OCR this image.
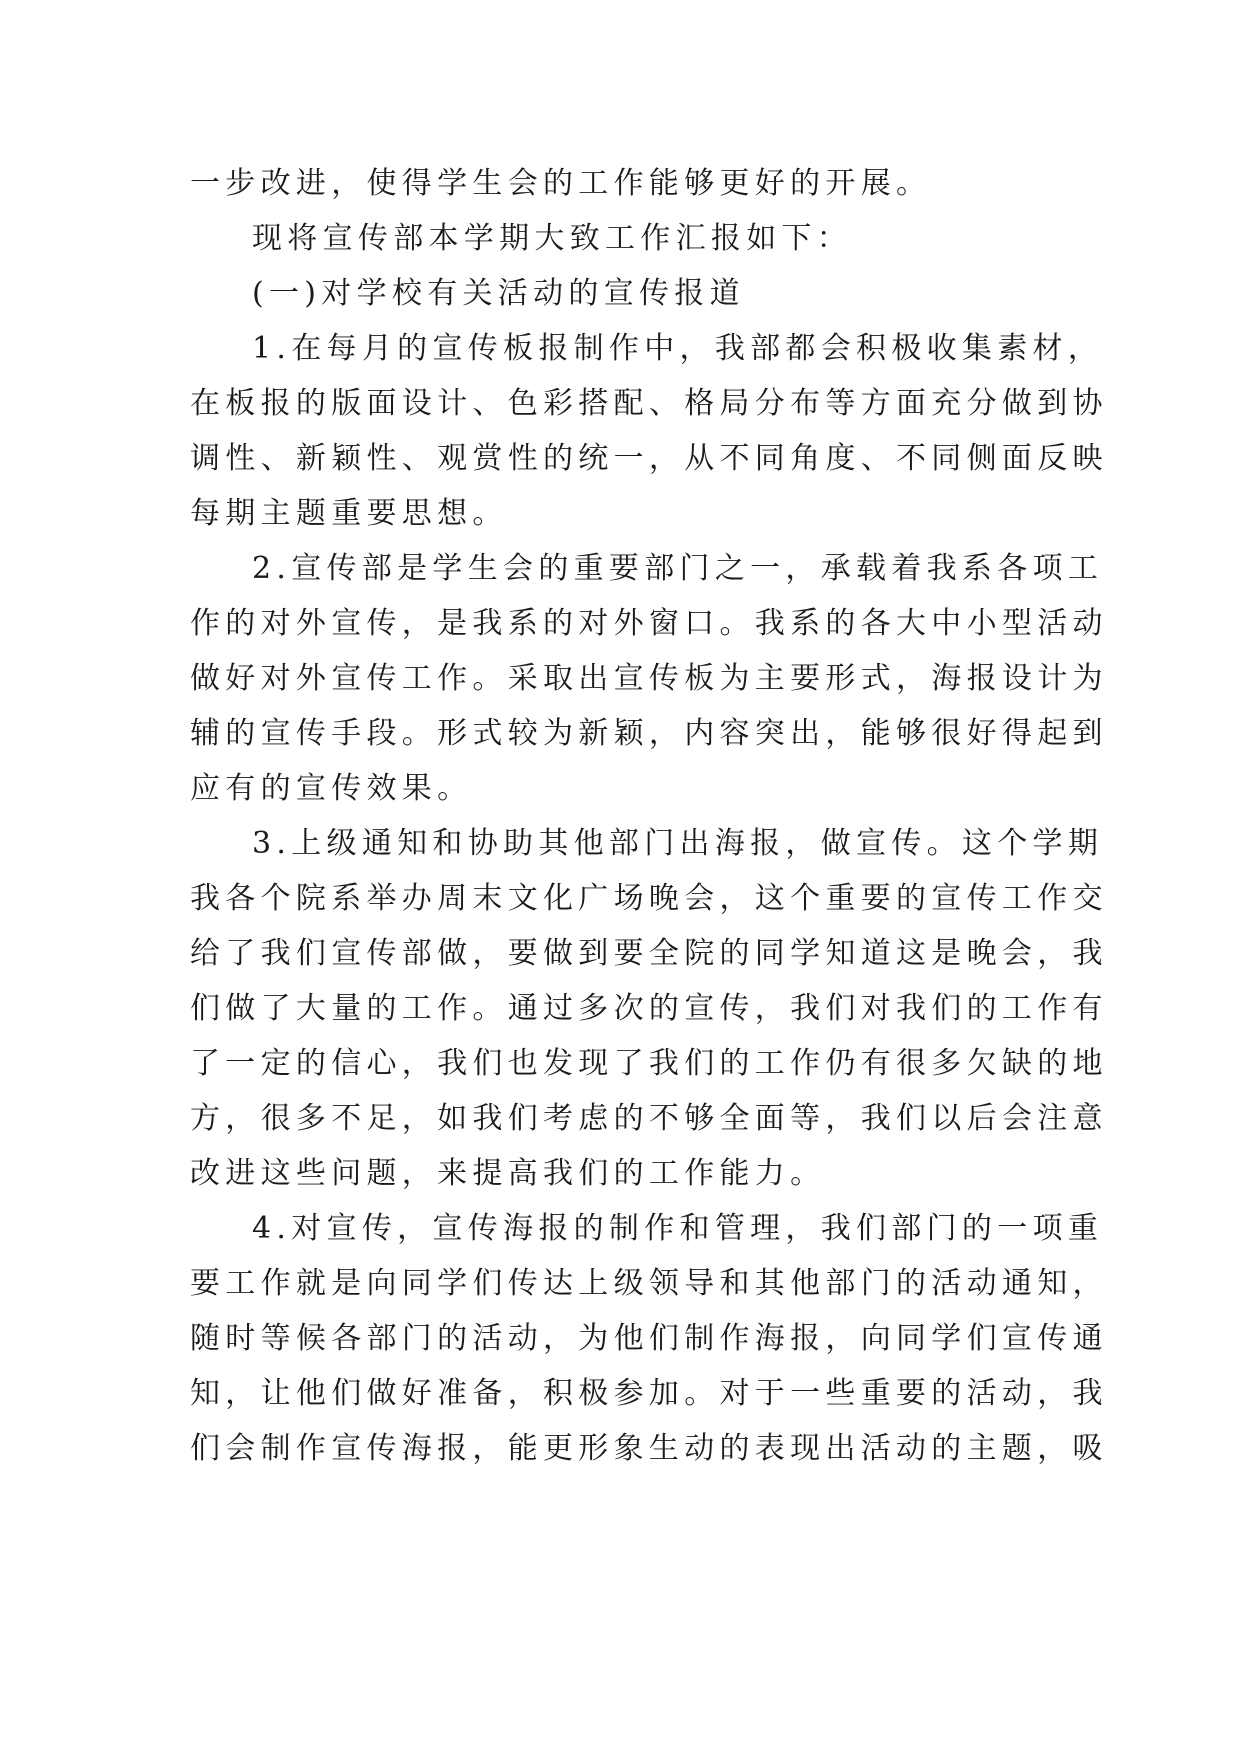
一步改进，使得学生会的工作能够更好的开展。
现将宣传部本学期大致工作汇报如下：
(一)对学校有关活动的宣传报道
1.在每月的宣传板报制作中，我部都会积极收集素材，
在板报的版面设计、色彩搭配、格局分布等方面充分做到协
调性、新颖性、观赏性的统一，从不同角度、不同侧面反映
每期主题重要思想。
2.宣传部是学生会的重要部门之一，承载着我系各项工
作的对外宣传，是我系的对外窗口。我系的各大中小型活动
做好对外宣传工作。采取出宣传板为主要形式，海报设计为
辅的宣传手段。形式较为新颖，内容突出，能够很好得起到
应有的宣传效果。
3.上级通知和协助其他部门出海报，做宣传。这个学期
我各个院系举办周末文化广场晚会，这个重要的宣传工作交
给了我们宣传部做，要做到要全院的同学知道这是晚会，我
们做了大量的工作。通过多次的宣传，我们对我们的工作有
了一定的信心，我们也发现了我们的工作仍有很多欠缺的地
方，很多不足，如我们考虑的不够全面等，我们以后会注意
改进这些问题，来提高我们的工作能力。
4.对宣传，宣传海报的制作和管理，我们部门的一项重
要工作就是向同学们传达上级领导和其他部门的活动通知，
随时等候各部门的活动，为他们制作海报，向同学们宣传通
知，让他们做好准备，积极参加。对于一些重要的活动，我
们会制作宣传海报，能更形象生动的表现出活动的主题，吸
